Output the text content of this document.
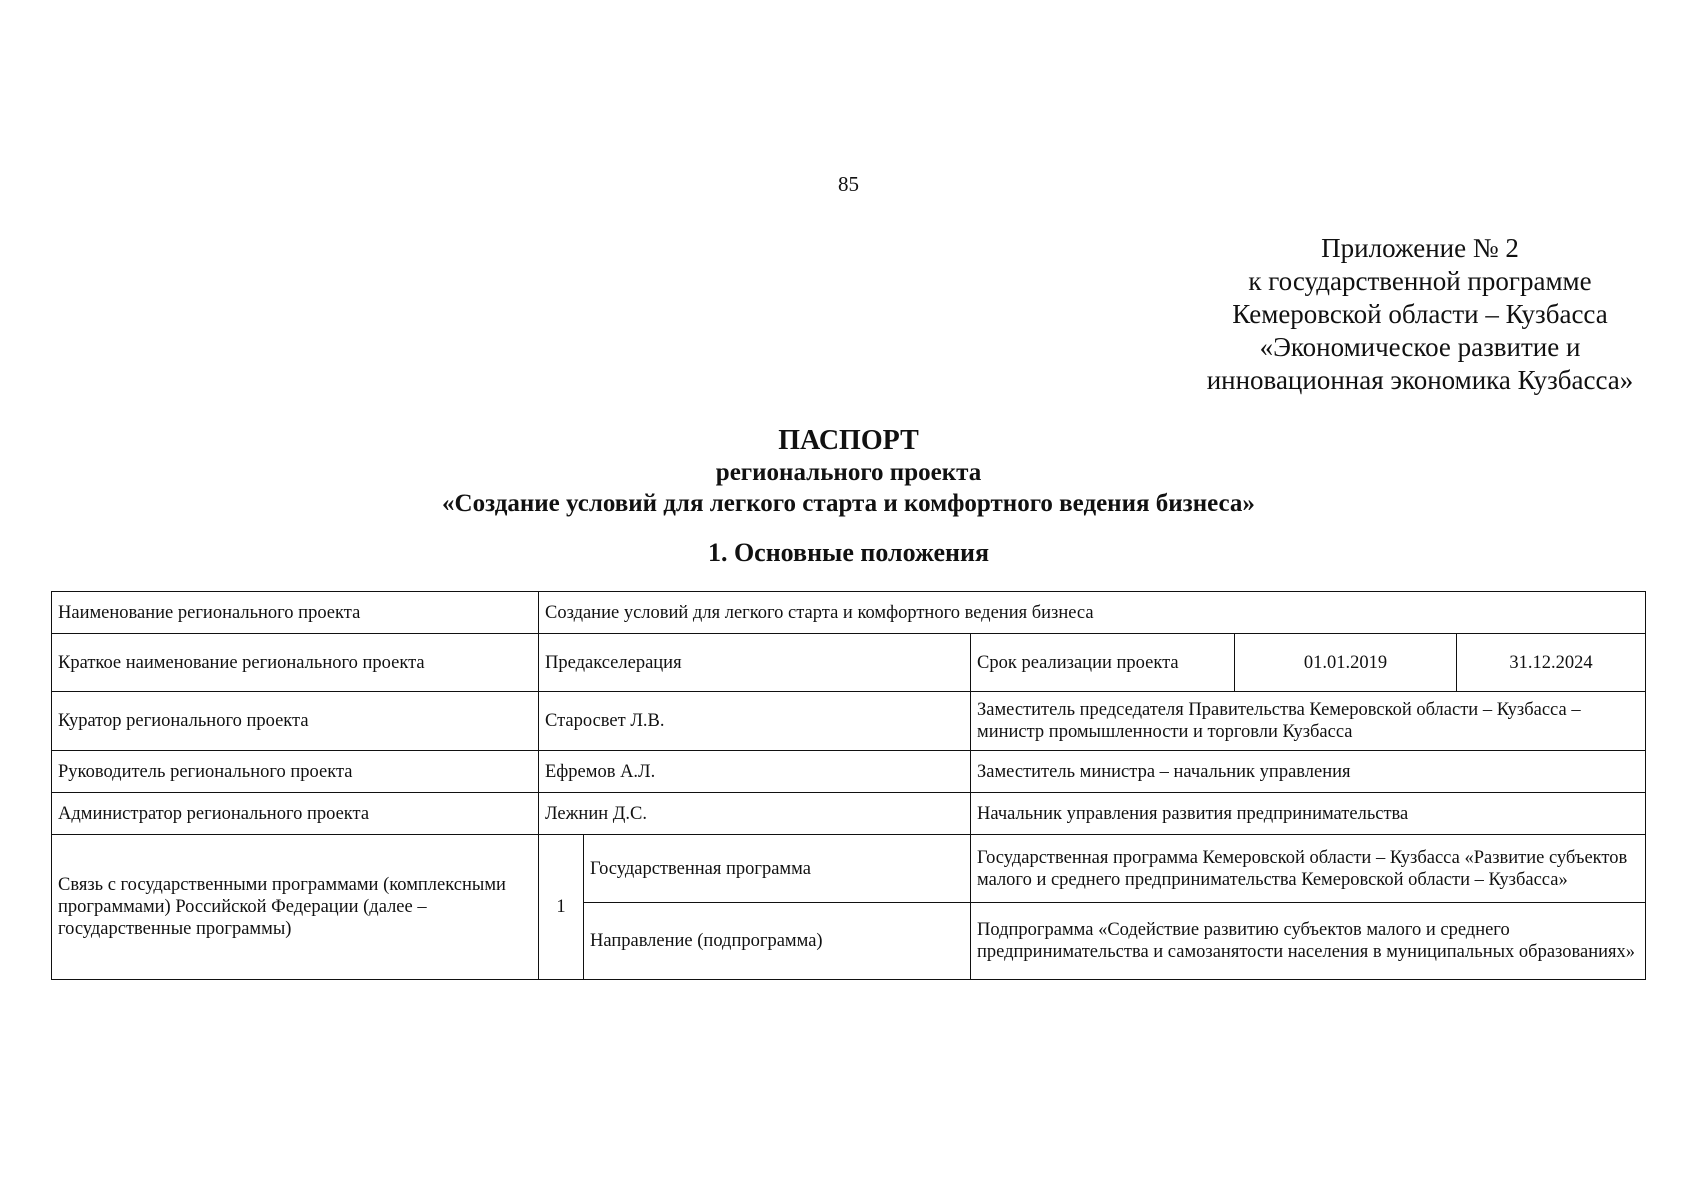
85
Приложение № 2
к государственной программе
Кемеровской области – Кузбасса
«Экономическое развитие и
инновационная экономика Кузбасса»
ПАСПОРТ
регионального проекта
«Создание условий для легкого старта и комфортного ведения бизнеса»
1. Основные положения
Наименование регионального проекта	Создание условий для легкого старта и комфортного ведения бизнеса				
Краткое наименование регионального проекта	Предакселерация		Срок реализации проекта	01.01.2019	31.12.2024
Куратор регионального проекта	Старосвет Л.В.		Заместитель председателя Правительства Кемеровской области – Кузбасса – министр промышленности и торговли Кузбасса		
Руководитель регионального проекта	Ефремов А.Л.		Заместитель министра – начальник управления		
Администратор регионального проекта	Лежнин Д.С.		Начальник управления развития предпринимательства		
Связь с государственными программами (комплексными программами) Российской Федерации (далее – государственные программы)	1	Государственная программа	Государственная программа Кемеровской области – Кузбасса «Развитие субъектов малого и среднего предпринимательства Кемеровской области – Кузбасса»		
		Направление (подпрограмма)	Подпрограмма «Содействие развитию субъектов малого и среднего предпринимательства и самозанятости населения в муниципальных образованиях»		
